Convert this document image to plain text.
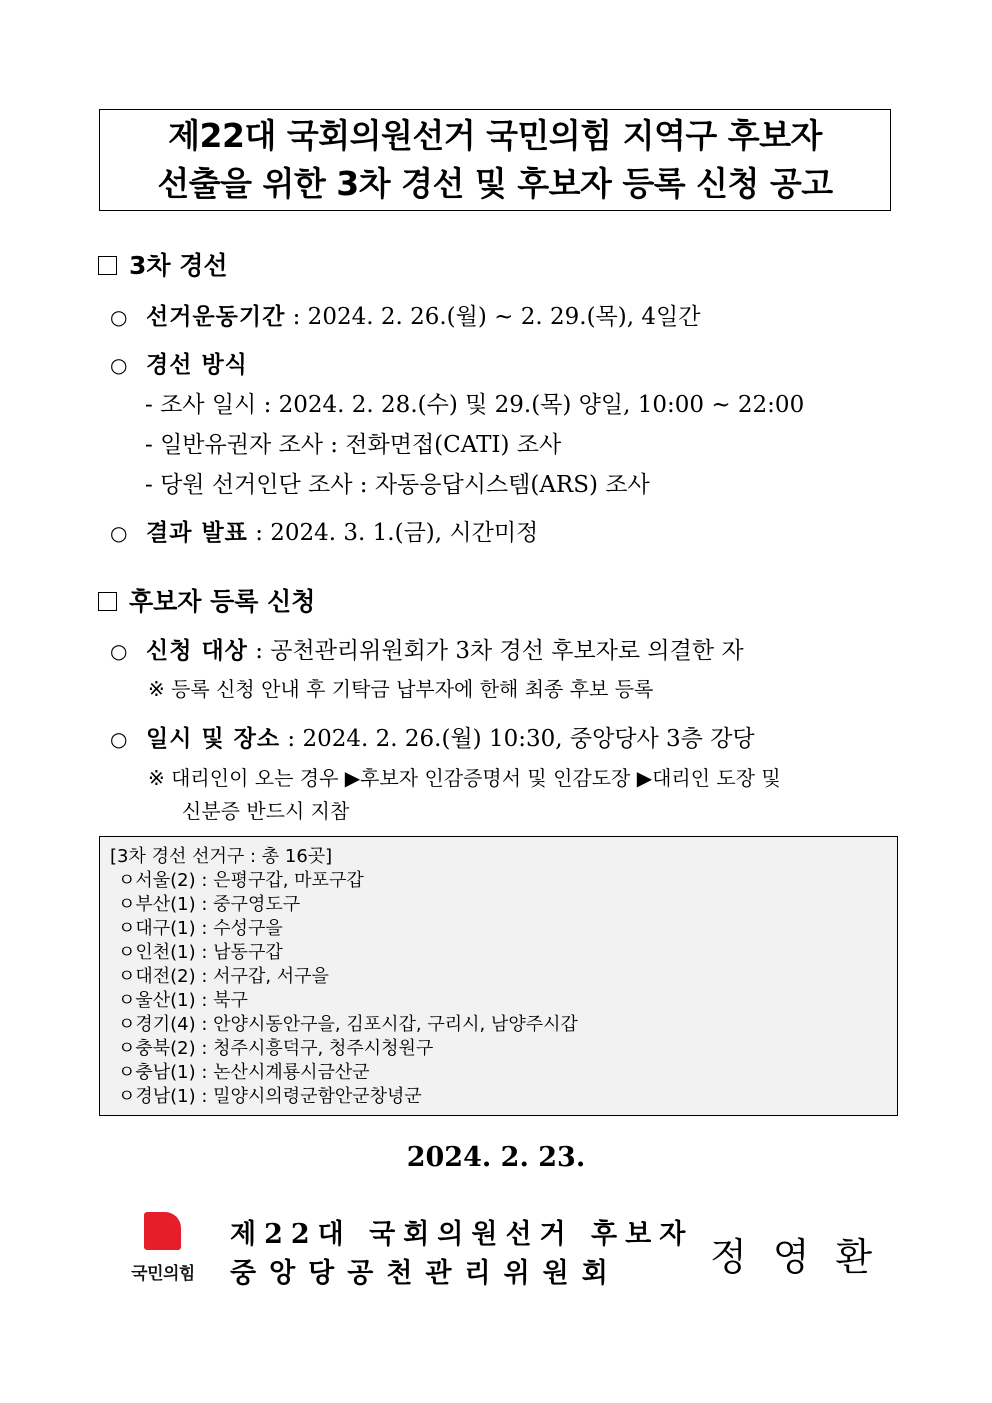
제22대 국회의원선거 국민의힘 지역구 후보자
선출을 위한 3차 경선 및 후보자 등록 신청 공고
3차 경선
○ 선거운동기간 : 2024. 2. 26.(월) ~ 2. 29.(목), 4일간
○ 경선 방식
- 조사 일시 : 2024. 2. 28.(수) 및 29.(목) 양일, 10:00 ~ 22:00
- 일반유권자 조사 : 전화면접(CATI) 조사
- 당원 선거인단 조사 : 자동응답시스템(ARS) 조사
○ 결과 발표 : 2024. 3. 1.(금), 시간미정
후보자 등록 신청
○ 신청 대상 : 공천관리위원회가 3차 경선 후보자로 의결한 자
※ 등록 신청 안내 후 기탁금 납부자에 한해 최종 후보 등록
○ 일시 및 장소 : 2024. 2. 26.(월) 10:30, 중앙당사 3층 강당
※ 대리인이 오는 경우 ▶후보자 인감증명서 및 인감도장 ▶대리인 도장 및
신분증 반드시 지참
[3차 경선 선거구 : 총 16곳]
ㅇ서울(2) : 은평구갑, 마포구갑
ㅇ부산(1) : 중구영도구
ㅇ대구(1) : 수성구을
ㅇ인천(1) : 남동구갑
ㅇ대전(2) : 서구갑, 서구을
ㅇ울산(1) : 북구
ㅇ경기(4) : 안양시동안구을, 김포시갑, 구리시, 남양주시갑
ㅇ충북(2) : 청주시흥덕구, 청주시청원구
ㅇ충남(1) : 논산시계룡시금산군
ㅇ경남(1) : 밀양시의령군함안군창녕군
2024. 2. 23.
국민의힘
제22대 국회의원선거 후보자
중앙당공천관리위원회 정영환
